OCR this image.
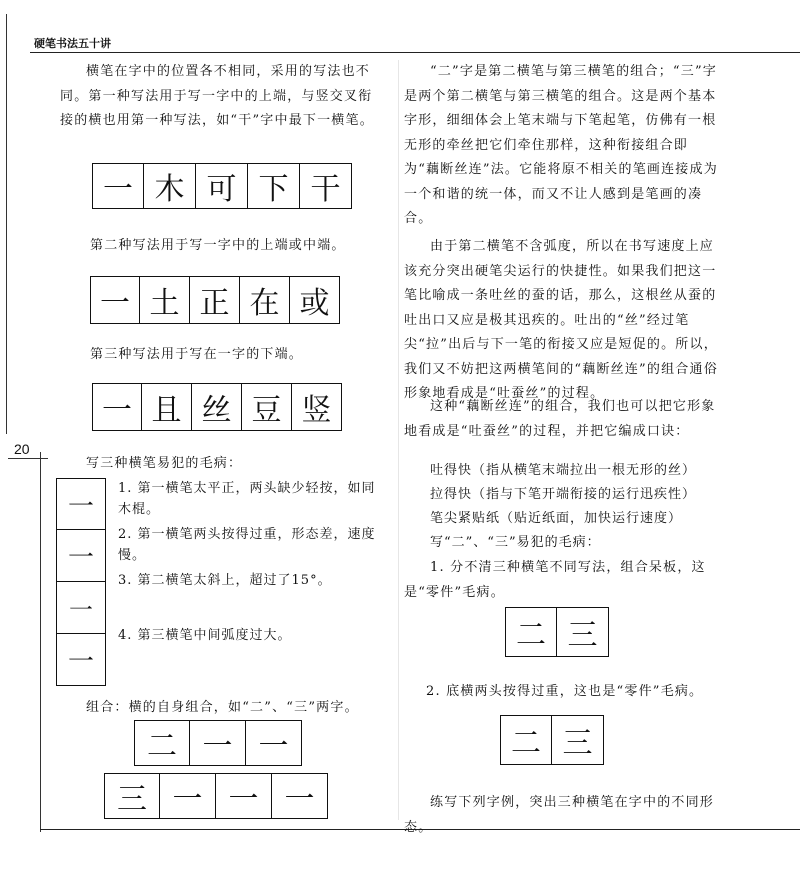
硬笔书法五十讲
20

横笔在字中的位置各不相同，采用的写法也不同。第一种写法用于写一字中的上端，与竖交叉衔接的横也用第一种写法，如“干”字中最下一横笔。

一 木 可 下 干

第二种写法用于写一字中的上端或中端。

一 土 正 在 或

第三种写法用于写在一字的下端。

一 且 丝 豆 竖

写三种横笔易犯的毛病：

一
一
一
一

1. 第一横笔太平正，两头缺少轻按，如同木棍。

2. 第一横笔两头按得过重，形态差，速度慢。

3. 第二横笔太斜上，超过了15°。

4. 第三横笔中间弧度过大。

组合：横的自身组合，如“二”、“三”两字。

二 一 一
三 一 一 一

“二”字是第二横笔与第三横笔的组合；“三”字是两个第二横笔与第三横笔的组合。这是两个基本字形，细细体会上笔末端与下笔起笔，仿佛有一根无形的牵丝把它们牵住那样，这种衔接组合即为“藕断丝连”法。它能将原不相关的笔画连接成为一个和谐的统一体，而又不让人感到是笔画的凑合。

由于第二横笔不含弧度，所以在书写速度上应该充分突出硬笔尖运行的快捷性。如果我们把这一笔比喻成一条吐丝的蚕的话，那么，这根丝从蚕的吐出口又应是极其迅疾的。吐出的“丝”经过笔尖“拉”出后与下一笔的衔接又应是短促的。所以，我们又不妨把这两横笔间的“藕断丝连”的组合通俗形象地看成是“吐蚕丝”的过程。

这种“藕断丝连”的组合，我们也可以把它形象地看成是“吐蚕丝”的过程，并把它编成口诀：

吐得快（指从横笔末端拉出一根无形的丝）

拉得快（指与下笔开端衔接的运行迅疾性）

笔尖紧贴纸（贴近纸面，加快运行速度）

写“二”、“三”易犯的毛病：

1. 分不清三种横笔不同写法，组合呆板，这是“零件”毛病。

二 三

2. 底横两头按得过重，这也是“零件”毛病。

二 三

练写下列字例，突出三种横笔在字中的不同形态。
